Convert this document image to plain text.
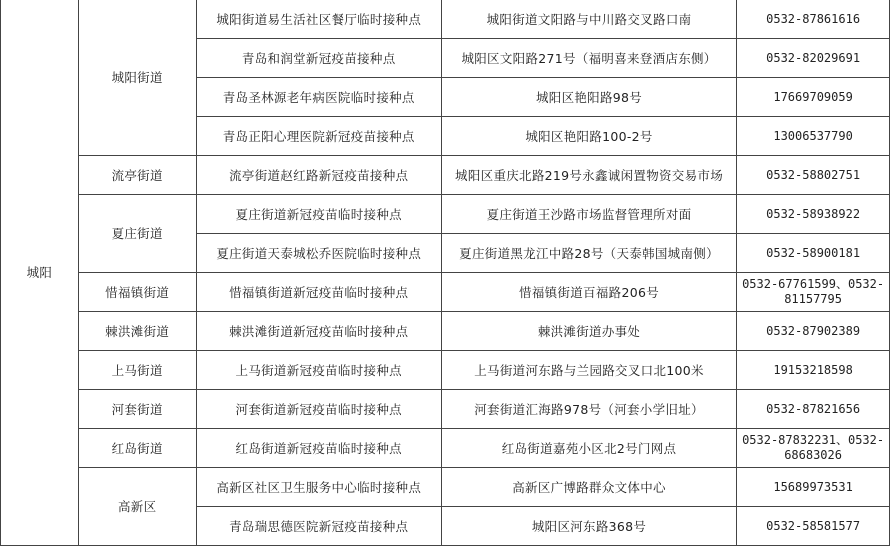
城阳	城阳街道	城阳街道易生活社区餐厅临时接种点	城阳街道文阳路与中川路交叉路口南	0532-87861616
		青岛和润堂新冠疫苗接种点	城阳区文阳路271号（福明喜来登酒店东侧）	0532-82029691
		青岛圣林源老年病医院临时接种点	城阳区艳阳路98号	17669709059
		青岛正阳心理医院新冠疫苗接种点	城阳区艳阳路100-2号	13006537790
	流亭街道	流亭街道赵红路新冠疫苗接种点	城阳区重庆北路219号永鑫诚闲置物资交易市场	0532-58802751
	夏庄街道	夏庄街道新冠疫苗临时接种点	夏庄街道王沙路市场监督管理所对面	0532-58938922
		夏庄街道天泰城松乔医院临时接种点	夏庄街道黑龙江中路28号（天泰韩国城南侧）	0532-58900181
	惜福镇街道	惜福镇街道新冠疫苗临时接种点	惜福镇街道百福路206号	0532-67761599、0532-81157795
	棘洪滩街道	棘洪滩街道新冠疫苗临时接种点	棘洪滩街道办事处	0532-87902389
	上马街道	上马街道新冠疫苗临时接种点	上马街道河东路与兰园路交叉口北100米	19153218598
	河套街道	河套街道新冠疫苗临时接种点	河套街道汇海路978号（河套小学旧址）	0532-87821656
	红岛街道	红岛街道新冠疫苗临时接种点	红岛街道嘉苑小区北2号门网点	0532-87832231、0532-68683026
	高新区	高新区社区卫生服务中心临时接种点	高新区广博路群众文体中心	15689973531
		青岛瑞思德医院新冠疫苗接种点	城阳区河东路368号	0532-58581577
